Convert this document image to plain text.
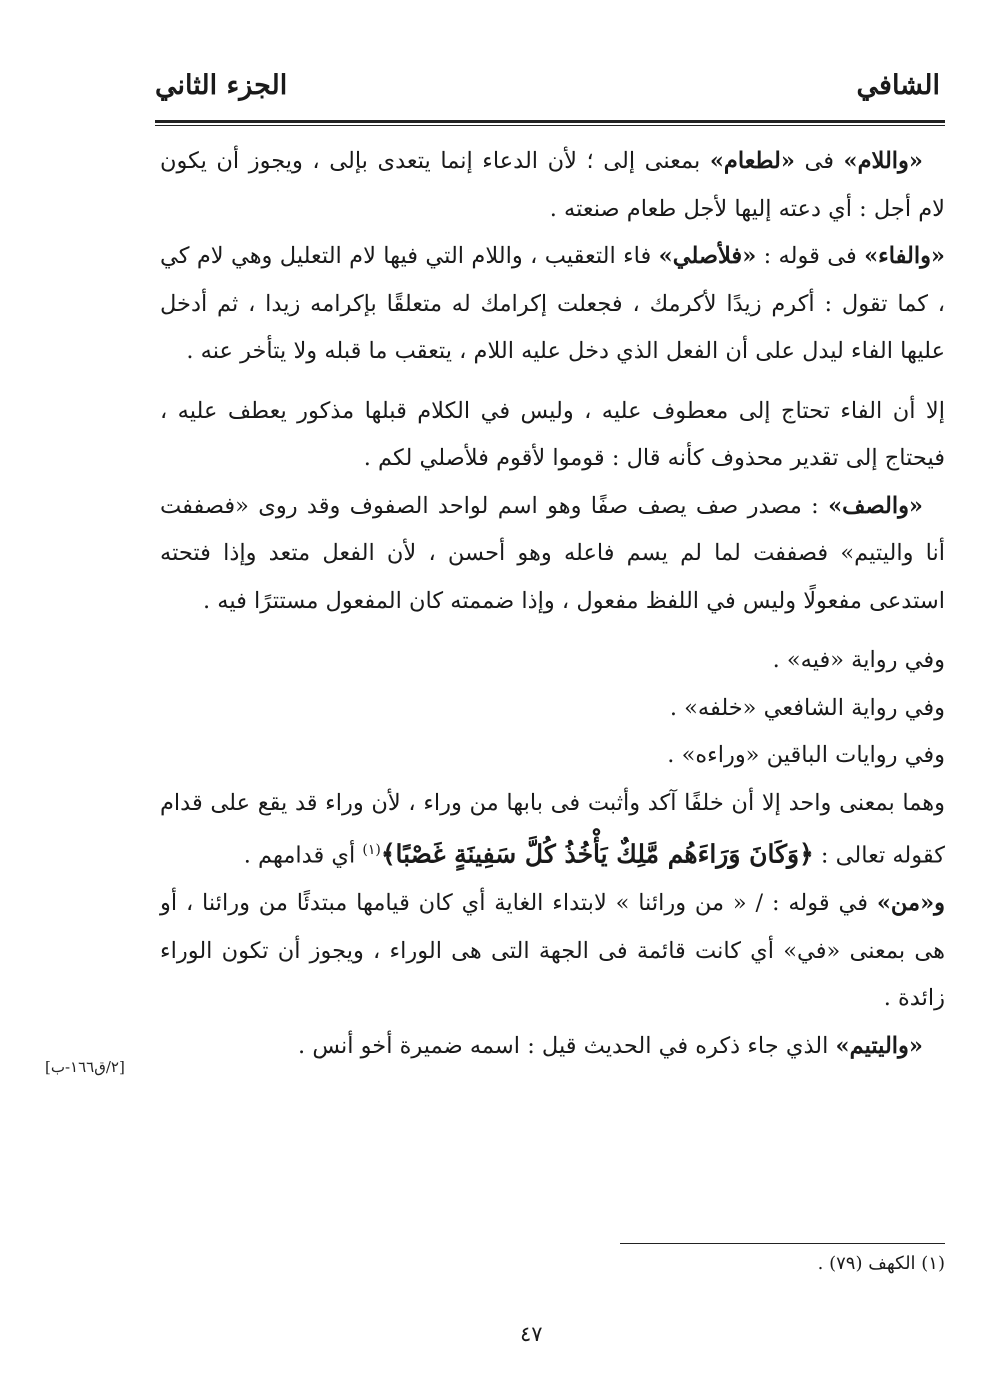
الشافي
الجزء الثاني

«واللام» فى «لطعام» بمعنى إلى ؛ لأن الدعاء إنما يتعدى بإلى ، ويجوز أن يكون لام أجل : أي دعته إليها لأجل طعام صنعته .

«والفاء» فى قوله : «فلأصلي» فاء التعقيب ، واللام التي فيها لام التعليل وهي لام كي ، كما تقول : أكرم زيدًا لأكرمك ، فجعلت إكرامك له متعلقًا بإكرامه زيدا ، ثم أدخل عليها الفاء ليدل على أن الفعل الذي دخل عليه اللام ، يتعقب ما قبله ولا يتأخر عنه .

إلا أن الفاء تحتاج إلى معطوف عليه ، وليس في الكلام قبلها مذكور يعطف عليه ، فيحتاج إلى تقدير محذوف كأنه قال : قوموا لأقوم فلأصلي لكم .

«والصف» : مصدر صف يصف صفًا وهو اسم لواحد الصفوف وقد روى «فصففت أنا واليتيم» فصففت لما لم يسم فاعله وهو أحسن ، لأن الفعل متعد وإذا فتحته استدعى مفعولًا وليس في اللفظ مفعول ، وإذا ضممته كان المفعول مستترًا فيه .

وفي رواية «فيه» .

وفي رواية الشافعي «خلفه» .

وفي روايات الباقين «وراءه» .

وهما بمعنى واحد إلا أن خلفًا آكد وأثبت فى بابها من وراء ، لأن وراء قد يقع على قدام كقوله تعالى : ﴿وَكَانَ وَرَاءَهُم مَّلِكٌ يَأْخُذُ كُلَّ سَفِينَةٍ غَصْبًا﴾$^{(١)}$ أي قدامهم .

و«من» في قوله : / « من ورائنا » لابتداء الغاية أي كان قيامها مبتدئًا من ورائنا ، أو هى بمعنى «في» أي كانت قائمة فى الجهة التى هى الوراء ، ويجوز أن تكون الوراء زائدة .

«واليتيم» الذي جاء ذكره في الحديث قيل : اسمه ضميرة أخو أنس .

[٢/ق١٦٦-ب]
(١) الكهف (٧٩) .
٤٧
